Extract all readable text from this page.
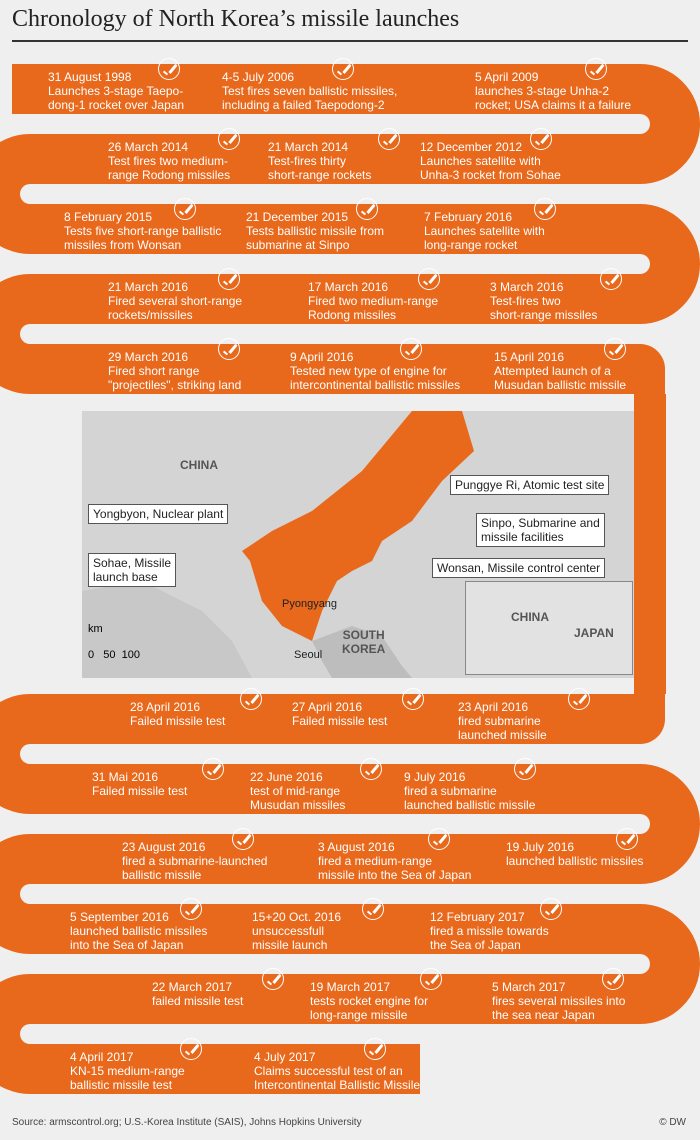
Chronology of North Korea’s missile launches
31 August 1998
Launches 3-stage Taepo-
dong-1 rocket over Japan
4-5 July 2006
Test fires seven ballistic missiles,
including a failed Taepodong-2
5 April 2009
launches 3-stage Unha-2
rocket; USA claims it a failure
26 March 2014
Test fires two medium-
range Rodong missiles
21 March 2014
Test-fires thirty
short-range rockets
12 December 2012
Launches satellite with
Unha-3 rocket from Sohae
8 February 2015
Tests five short-range ballistic
missiles from Wonsan
21 December 2015
Tests ballistic missile from
submarine at Sinpo
7 February 2016
Launches satellite with
long-range rocket
21 March 2016
Fired several short-range
rockets/missiles
17 March 2016
Fired two medium-range
Rodong missiles
3 March 2016
Test-fires two
short-range missiles
29 March 2016
Fired short range
"projectiles", striking land
9 April 2016
Tested new type of engine for
intercontinental ballistic missiles
15 April 2016
Attempted launch of a
Musudan ballistic missile
28 April 2016
Failed missile test
27 April 2016
Failed missile test
23 April 2016
fired submarine
launched missile
31 Mai 2016
Failed missile test
22 June 2016
test of mid-range
Musudan missiles
9 July 2016
fired a submarine
launched ballistic missile
23 August 2016
fired a submarine-launched
ballistic missile
3 August 2016
fired a medium-range
missile into the Sea of Japan
19 July 2016
launched ballistic missiles
5 September 2016
launched ballistic missiles
into the Sea of Japan
15+20 Oct. 2016
unsuccessfull
missile launch
12 February 2017
fired a missile towards
the Sea of Japan
22 March 2017
failed missile test
19 March 2017
tests rocket engine for
long-range missile
5 March 2017
fires several missiles into
the sea near Japan
4 April 2017
KN-15 medium-range
ballistic missile test
4 July 2017
Claims successful test of an
Intercontinental Ballistic Missile
CHINA
SOUTH
KOREA
Pyongyang
Seoul
Yongbyon, Nuclear plant
Sohae, Missile
launch base
Punggye Ri, Atomic test site
Sinpo, Submarine and
missile facilities
Wonsan, Missile control center
km
0   50  100
CHINA
JAPAN
Source: armscontrol.org; U.S.-Korea Institute (SAIS), Johns Hopkins University	© DW
